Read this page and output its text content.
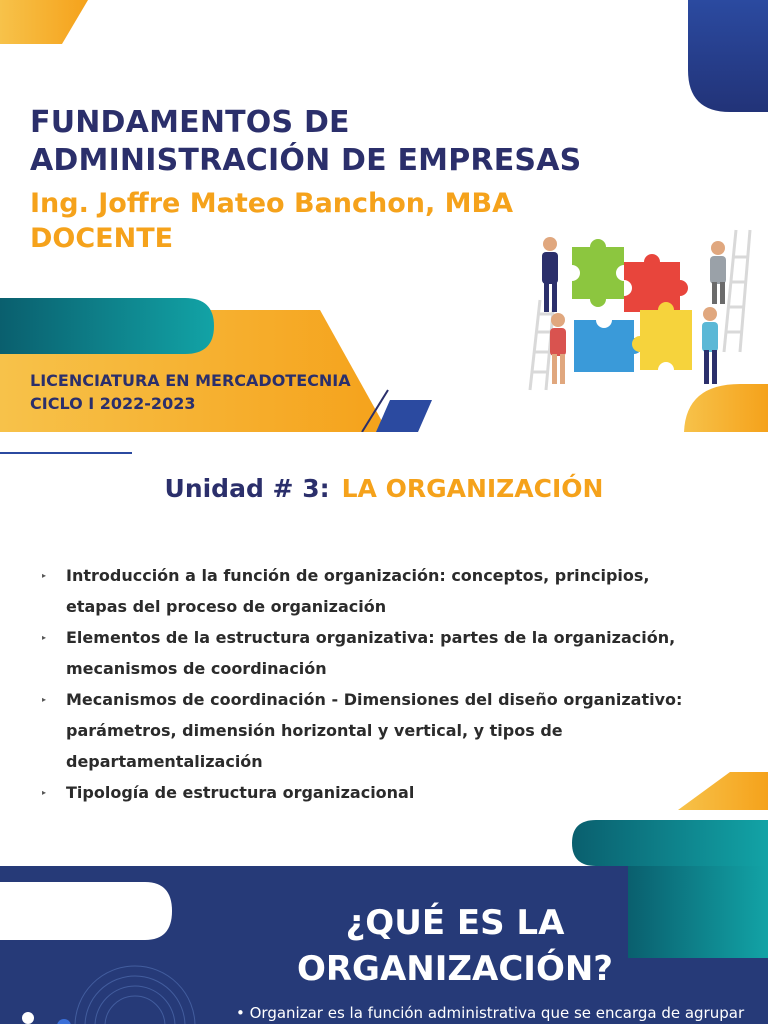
FUNDAMENTOS DE
ADMINISTRACIÓN DE EMPRESAS
Ing. Joffre Mateo Banchon, MBA
DOCENTE
LICENCIATURA EN MERCADOTECNIA
CICLO I 2022-2023
Unidad # 3: LA ORGANIZACIÓN
▸ Introducción a la función de organización: conceptos, principios, etapas del proceso de organización
▸ Elementos de la estructura organizativa: partes de la organización, mecanismos de coordinación
▸ Mecanismos de coordinación - Dimensiones del diseño organizativo: parámetros, dimensión horizontal y vertical, y tipos de departamentalización
▸ Tipología de estructura organizacional
¿QUÉ ES LA
ORGANIZACIÓN?
• Organizar es la función administrativa que se encarga de agrupar
